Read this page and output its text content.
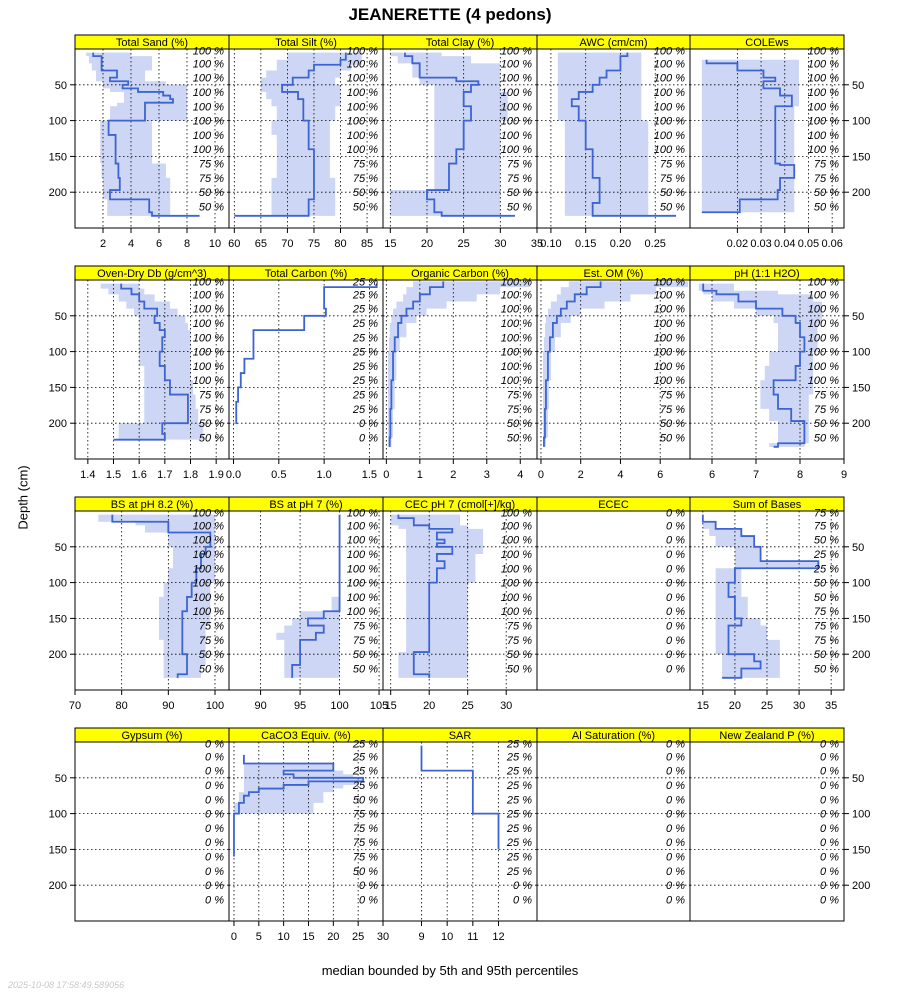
JEANERETTE (4 pedons)
Depth (cm)
Total Sand (%)
100 %
100 %
100 %
100 %
100 %
100 %
100 %
100 %
75 %
75 %
50 %
50 %
2 4 6 8 10
50
100
150
200
Total Silt (%)
100 %
100 %
100 %
100 %
100 %
100 %
100 %
100 %
75 %
75 %
50 %
50 %
60 65 70 75 80 85
Total Clay (%)
100 %
100 %
100 %
100 %
100 %
100 %
100 %
100 %
75 %
75 %
50 %
50 %
15 20 25 30 35
AWC (cm/cm)
100 %
100 %
100 %
100 %
100 %
100 %
100 %
100 %
75 %
75 %
50 %
50 %
0.10 0.15 0.20 0.25
COLEws
100 %
100 %
100 %
100 %
100 %
100 %
100 %
100 %
75 %
75 %
50 %
50 %
0.02 0.03 0.04 0.05 0.06
50
100
150
200
Oven-Dry Db (g/cm^3)
100 %
100 %
100 %
100 %
100 %
100 %
100 %
100 %
75 %
75 %
50 %
50 %
1.4 1.5 1.6 1.7 1.8 1.9
50
100
150
200
Total Carbon (%)
25 %
25 %
25 %
25 %
25 %
25 %
25 %
25 %
25 %
25 %
0 %
0 %
0.0	0.5	1.0	1.5
Organic Carbon (%)
100 %
100 %
100 %
100 %
100 %
100 %
100 %
100 %
75 %
75 %
50 %
50 %
0 1 2 3 4
Est. OM (%)
100 %
100 %
100 %
100 %
100 %
100 %
100 %
100 %
75 %
75 %
50 %
50 %
0	2	4	6
pH (1:1 H2O)
100 %
100 %
100 %
100 %
100 %
100 %
100 %
100 %
75 %
75 %
50 %
50 %
6	7	8	9
50
100
150
200
BS at pH 8.2 (%)
100 %
100 %
100 %
100 %
100 %
100 %
100 %
100 %
75 %
75 %
50 %
50 %
70	80	90	100
50
100
150
200
BS at pH 7 (%)
100 %
100 %
100 %
100 %
100 %
100 %
100 %
100 %
75 %
75 %
50 %
50 %
90 95 100 105
CEC pH 7 (cmol[+]/kg)
100 %
100 %
100 %
100 %
100 %
100 %
100 %
100 %
75 %
75 %
50 %
50 %
15 20 25 30
ECEC
0 %
0 %
0 %
0 %
0 %
0 %
0 %
0 %
0 %
0 %
0 %
0 %
Sum of Bases
75 %
75 %
50 %
25 %
25 %
50 %
50 %
75 %
75 %
75 %
50 %
50 %
15 20 25 30 35
50
100
150
200
Gypsum (%)
0 %
0 %
0 %
0 %
0 %
0 %
0 %
0 %
0 %
0 %
0 %
0 %
50
100
150
200
CaCO3 Equiv. (%)
25 %
25 %
25 %
25 %
50 %
75 %
75 %
75 %
75 %
50 %
0 %
0 %
0 5 10 15 20 25 30
SAR
25 %
25 %
25 %
25 %
25 %
25 %
25 %
25 %
25 %
25 %
0 %
0 %
9 10 11 12
Al Saturation (%)
0 %
0 %
0 %
0 %
0 %
0 %
0 %
0 %
0 %
0 %
0 %
0 %
New Zealand P (%)
0 %
0 %
0 %
0 %
0 %
0 %
0 %
0 %
0 %
0 %
0 %
0 %
50
100
150
200
median bounded by 5th and 95th percentiles
2025-10-08 17:58:49.589056
